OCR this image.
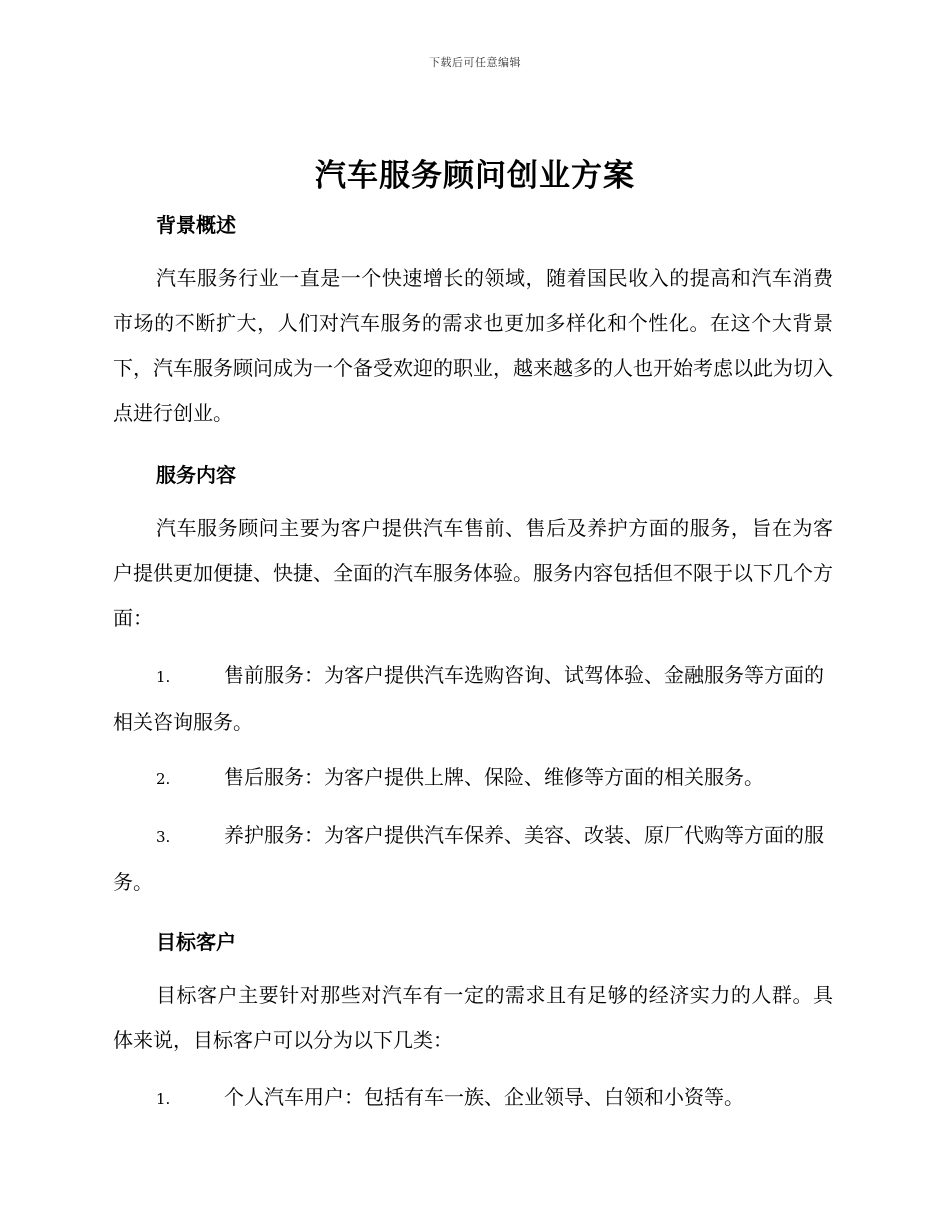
下载后可任意编辑
汽车服务顾问创业方案
背景概述

汽车服务行业一直是一个快速增长的领域，随着国民收入的提高和汽车消费市场的不断扩大，人们对汽车服务的需求也更加多样化和个性化。在这个大背景下，汽车服务顾问成为一个备受欢迎的职业，越来越多的人也开始考虑以此为切入点进行创业。

服务内容

汽车服务顾问主要为客户提供汽车售前、售后及养护方面的服务，旨在为客户提供更加便捷、快捷、全面的汽车服务体验。服务内容包括但不限于以下几个方面：

1.	售前服务：为客户提供汽车选购咨询、试驾体验、金融服务等方面的相关咨询服务。
2.	售后服务：为客户提供上牌、保险、维修等方面的相关服务。
3.	养护服务：为客户提供汽车保养、美容、改装、原厂代购等方面的服务。
目标客户

目标客户主要针对那些对汽车有一定的需求且有足够的经济实力的人群。具体来说，目标客户可以分为以下几类：

1.	个人汽车用户：包括有车一族、企业领导、白领和小资等。
